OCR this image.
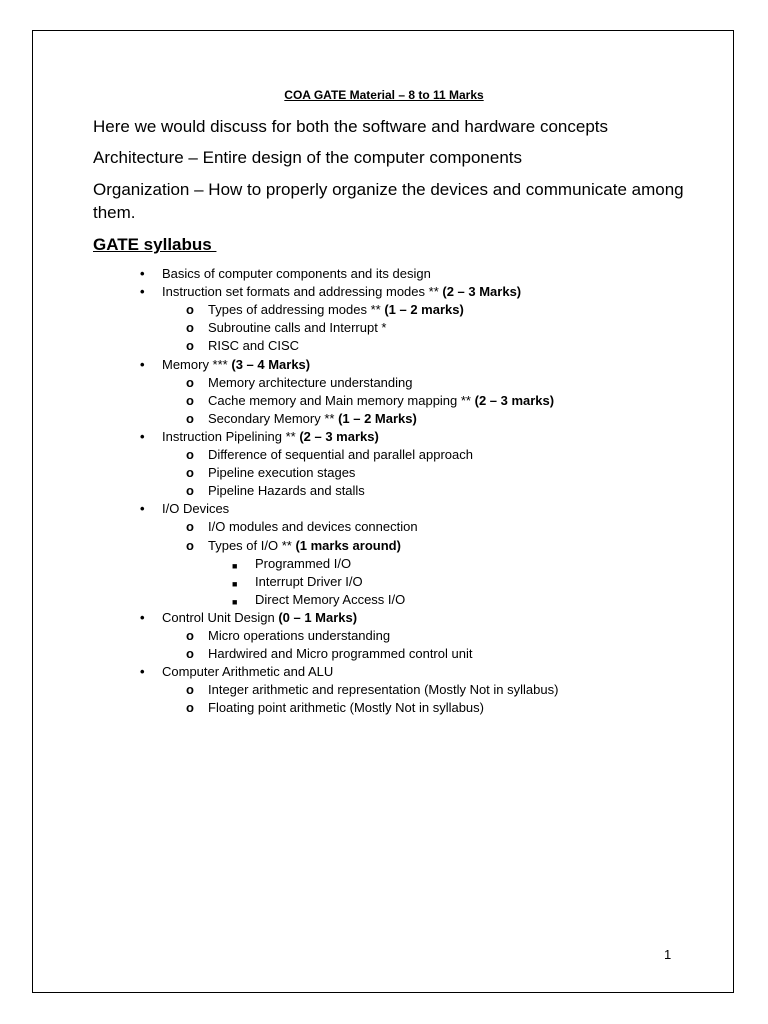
COA GATE Material – 8 to 11 Marks
Here we would discuss for both the software and hardware concepts
Architecture – Entire design of the computer components
Organization – How to properly organize the devices and communicate among them.
GATE syllabus
• Basics of computer components and its design
• Instruction set formats and addressing modes ** (2 – 3 Marks)
o Types of addressing modes ** (1 – 2 marks)
o Subroutine calls and Interrupt *
o RISC and CISC
• Memory *** (3 – 4 Marks)
o Memory architecture understanding
o Cache memory and Main memory mapping ** (2 – 3 marks)
o Secondary Memory ** (1 – 2 Marks)
• Instruction Pipelining ** (2 – 3 marks)
o Difference of sequential and parallel approach
o Pipeline execution stages
o Pipeline Hazards and stalls
• I/O Devices
o I/O modules and devices connection
o Types of I/O ** (1 marks around)
■ Programmed I/O
■ Interrupt Driver I/O
■ Direct Memory Access I/O
• Control Unit Design (0 – 1 Marks)
o Micro operations understanding
o Hardwired and Micro programmed control unit
• Computer Arithmetic and ALU
o Integer arithmetic and representation (Mostly Not in syllabus)
o Floating point arithmetic (Mostly Not in syllabus)
1
